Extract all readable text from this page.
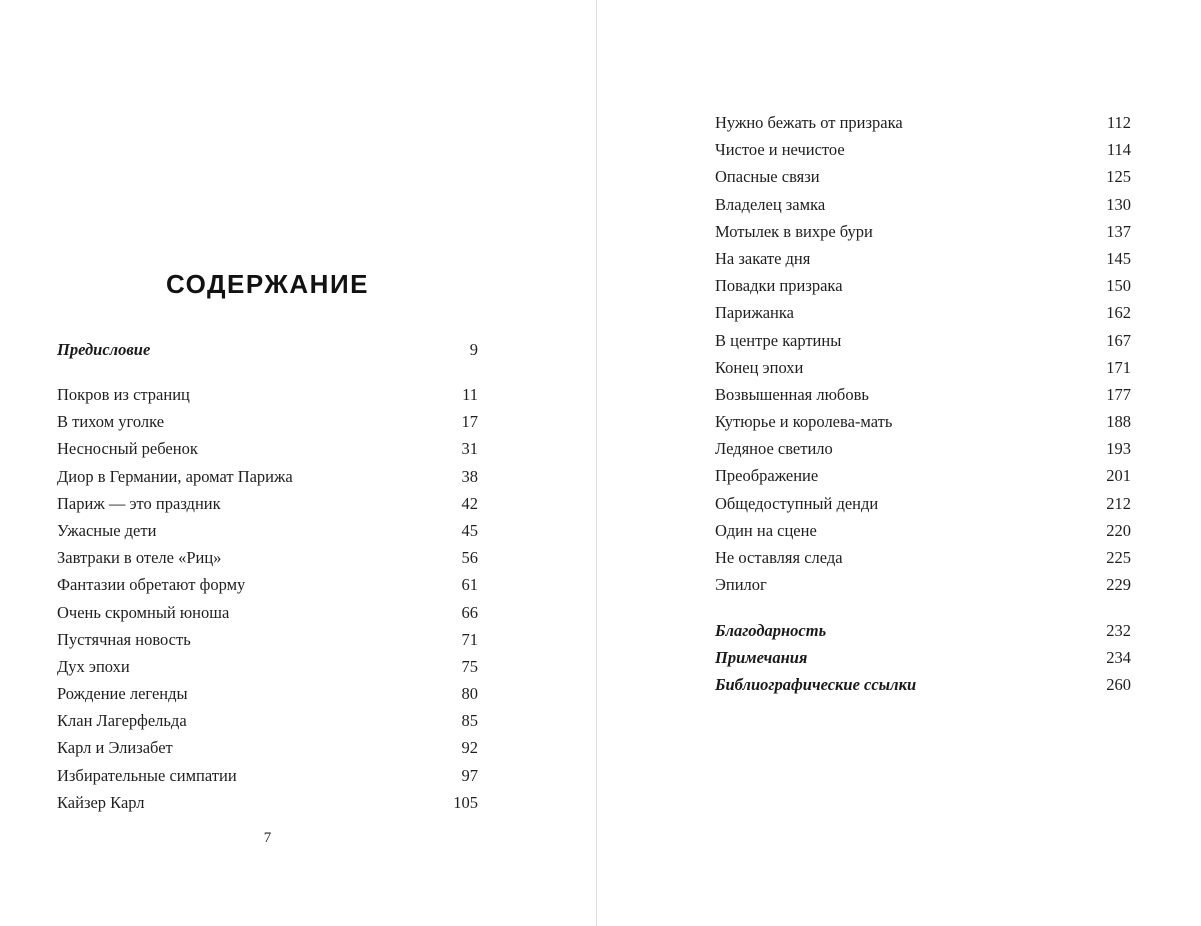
СОДЕРЖАНИЕ
Предисловие	9
Покров из страниц	11
В тихом уголке	17
Несносный ребенок	31
Диор в Германии, аромат Парижа	38
Париж — это праздник	42
Ужасные дети	45
Завтраки в отеле «Риц»	56
Фантазии обретают форму	61
Очень скромный юноша	66
Пустячная новость	71
Дух эпохи	75
Рождение легенды	80
Клан Лагерфельда	85
Карл и Элизабет	92
Избирательные симпатии	97
Кайзер Карл	105
Нужно бежать от призрака	112
Чистое и нечистое	114
Опасные связи	125
Владелец замка	130
Мотылек в вихре бури	137
На закате дня	145
Повадки призрака	150
Парижанка	162
В центре картины	167
Конец эпохи	171
Возвышенная любовь	177
Кутюрье и королева-мать	188
Ледяное светило	193
Преображение	201
Общедоступный денди	212
Один на сцене	220
Не оставляя следа	225
Эпилог	229
Благодарность	232
Примечания	234
Библиографические ссылки	260
7
